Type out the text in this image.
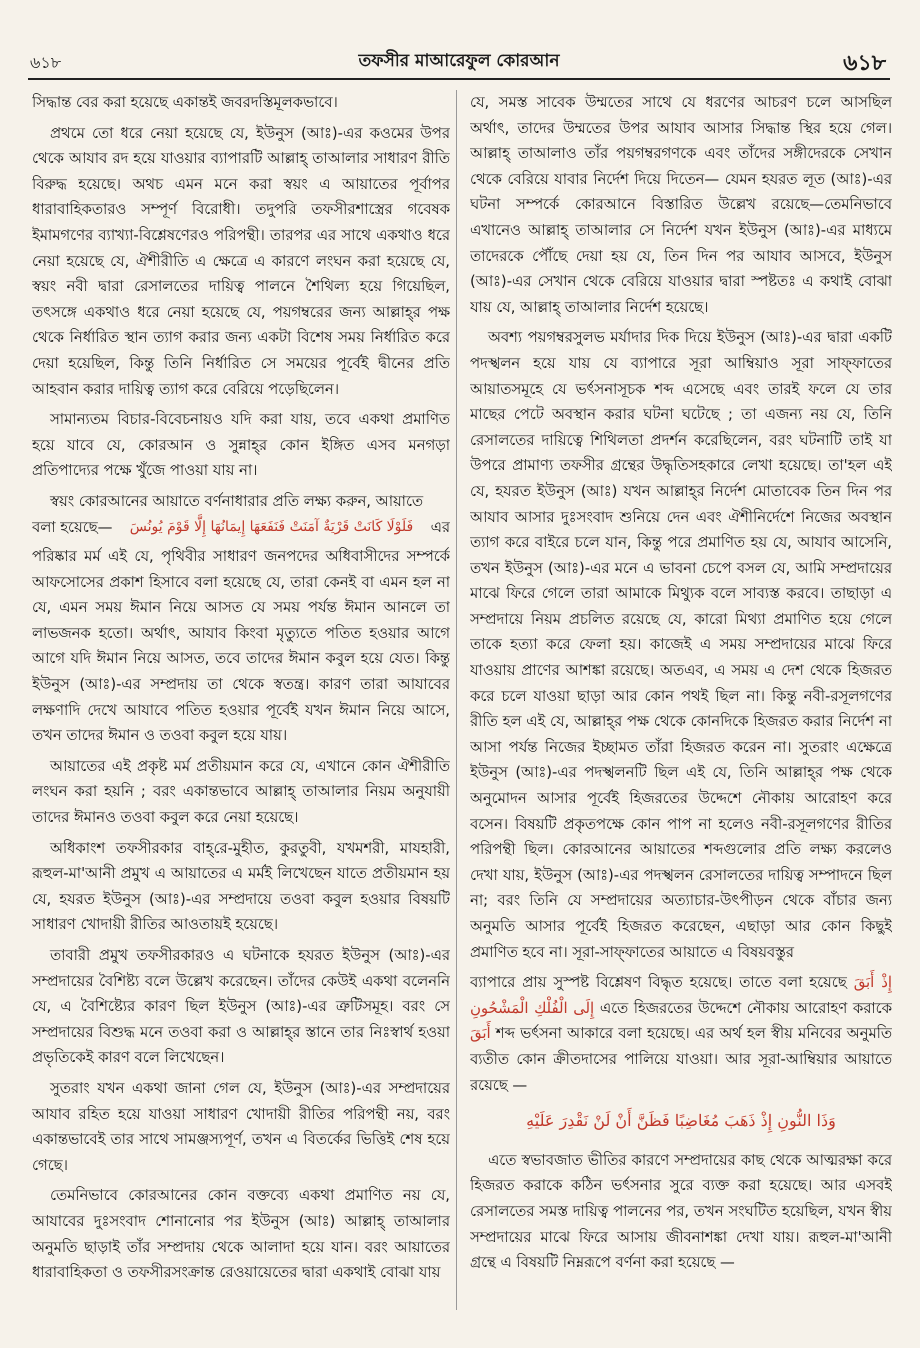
৬১৮	তফসীর মাআরেফুল কোরআন	৬১৮

সিদ্ধান্ত বের করা হয়েছে একান্তই জবরদস্তিমূলকভাবে।

প্রথমে তো ধরে নেয়া হয়েছে যে, ইউনুস (আঃ)-এর কওমের উপর থেকে আযাব রদ হয়ে যাওয়ার ব্যাপারটি আল্লাহ্ তাআলার সাধারণ রীতি বিরুদ্ধ হয়েছে। অথচ এমন মনে করা স্বয়ং এ আয়াতের পূর্বাপর ধারাবাহিকতারও সম্পূর্ণ বিরোধী। তদুপরি তফসীরশাস্ত্রের গবেষক ইমামগণের ব্যাখ্যা-বিশ্লেষণেরও পরিপন্থী। তারপর এর সাথে একথাও ধরে নেয়া হয়েছে যে, ঐশীরীতি এ ক্ষেত্রে এ কারণে লংঘন করা হয়েছে যে, স্বয়ং নবী দ্বারা রেসালতের দায়িত্ব পালনে শৈথিল্য হয়ে গিয়েছিল, তৎসঙ্গে একথাও ধরে নেয়া হয়েছে যে, পয়গম্বরের জন্য আল্লাহ্‌র পক্ষ থেকে নির্ধারিত স্থান ত্যাগ করার জন্য একটা বিশেষ সময় নির্ধারিত করে দেয়া হয়েছিল, কিন্তু তিনি নির্ধারিত সে সময়ের পূর্বেই দ্বীনের প্রতি আহবান করার দায়িত্ব ত্যাগ করে বেরিয়ে পড়েছিলেন।

সামান্যতম বিচার-বিবেচনায়ও যদি করা যায়, তবে একথা প্রমাণিত হয়ে যাবে যে, কোরআন ও সুন্নাহ্‌র কোন ইঙ্গিত এসব মনগড়া প্রতিপাদ্যের পক্ষে খুঁজে পাওয়া যায় না।

স্বয়ং কোরআনের আয়াতে বর্ণনাধারার প্রতি লক্ষ্য করুন, আয়াতে

বলা হয়েছে— فَلَوْلَا كَانَتْ قَرْيَةٌ آمَنَتْ فَنَفَعَهَا إِيمَانُهَا إِلَّا قَوْمَ يُونُسَ এর

পরিষ্কার মর্ম এই যে, পৃথিবীর সাধারণ জনপদের অধিবাসীদের সম্পর্কে আফসোসের প্রকাশ হিসাবে বলা হয়েছে যে, তারা কেনই বা এমন হল না যে, এমন সময় ঈমান নিয়ে আসত যে সময় পর্যন্ত ঈমান আনলে তা লাভজনক হতো। অর্থাৎ, আযাব কিংবা মৃত্যুতে পতিত হওয়ার আগে আগে যদি ঈমান নিয়ে আসত, তবে তাদের ঈমান কবুল হয়ে যেত। কিন্তু ইউনুস (আঃ)-এর সম্প্রদায় তা থেকে স্বতন্ত্র। কারণ তারা আযাবের লক্ষণাদি দেখে আযাবে পতিত হওয়ার পূর্বেই যখন ঈমান নিয়ে আসে, তখন তাদের ঈমান ও তওবা কবুল হয়ে যায়।

আয়াতের এই প্রকৃষ্ট মর্ম প্রতীয়মান করে যে, এখানে কোন ঐশীরীতি লংঘন করা হয়নি ; বরং একান্তভাবে আল্লাহ্ তাআলার নিয়ম অনুযায়ী তাদের ঈমানও তওবা কবুল করে নেয়া হয়েছে।

অধিকাংশ তফসীরকার বাহ্‌রে-মুহীত, কুরতুবী, যখমশরী, মাযহারী, রূহুল-মা'আনী প্রমুখ এ আয়াতের এ মর্মই লিখেছেন যাতে প্রতীয়মান হয় যে, হযরত ইউনুস (আঃ)-এর সম্প্রদায়ে তওবা কবুল হওয়ার বিষয়টি সাধারণ খোদায়ী রীতির আওতায়ই হয়েছে।

তাবারী প্রমুখ তফসীরকারও এ ঘটনাকে হযরত ইউনুস (আঃ)-এর সম্প্রদায়ের বৈশিষ্ট্য বলে উল্লেখ করেছেন। তাঁদের কেউই একথা বলেননি যে, এ বৈশিষ্ট্যের কারণ ছিল ইউনুস (আঃ)-এর ত্রুটিসমূহ। বরং সে সম্প্রদায়ের বিশুদ্ধ মনে তওবা করা ও আল্লাহ্‌র স্তানে তার নিঃস্বার্থ হওয়া প্রভৃতিকেই কারণ বলে লিখেছেন।

সুতরাং যখন একথা জানা গেল যে, ইউনুস (আঃ)-এর সম্প্রদায়ের আযাব রহিত হয়ে যাওয়া সাধারণ খোদায়ী রীতির পরিপন্থী নয়, বরং একান্তভাবেই তার সাথে সামঞ্জস্যপূর্ণ, তখন এ বিতর্কের ভিত্তিই শেষ হয়ে গেছে।

তেমনিভাবে কোরআনের কোন বক্তব্যে একথা প্রমাণিত নয় যে, আযাবের দুঃসংবাদ শোনানোর পর ইউনুস (আঃ) আল্লাহ্ তাআলার অনুমতি ছাড়াই তাঁর সম্প্রদায় থেকে আলাদা হয়ে যান। বরং আয়াতের ধারাবাহিকতা ও তফসীরসংক্রান্ত রেওয়ায়েতের দ্বারা একথাই বোঝা যায়

যে, সমস্ত সাবেক উম্মতের সাথে যে ধরণের আচরণ চলে আসছিল অর্থাৎ, তাদের উম্মতের উপর আযাব আসার সিদ্ধান্ত স্থির হয়ে গেল। আল্লাহ্ তাআলাও তাঁর পয়গম্বরগণকে এবং তাঁদের সঙ্গীদেরকে সেখান থেকে বেরিয়ে যাবার নির্দেশ দিয়ে দিতেন— যেমন হযরত লূত (আঃ)-এর ঘটনা সম্পর্কে কোরআনে বিস্তারিত উল্লেখ রয়েছে—তেমনিভাবে এখানেও আল্লাহ্ তাআলার সে নির্দেশ যখন ইউনুস (আঃ)-এর মাধ্যমে তাদেরকে পৌঁছে দেয়া হয় যে, তিন দিন পর আযাব আসবে, ইউনুস (আঃ)-এর সেখান থেকে বেরিয়ে যাওয়ার দ্বারা স্পষ্টতঃ এ কথাই বোঝা যায় যে, আল্লাহ্ তাআলার নির্দেশ হয়েছে।

অবশ্য পয়গম্বরসুলভ মর্যাদার দিক দিয়ে ইউনুস (আঃ)-এর দ্বারা একটি পদস্খলন হয়ে যায় যে ব্যাপারে সূরা আম্বিয়াও সূরা সাফ্‌ফাতের আয়াতসমূহে যে ভর্ৎসনাসূচক শব্দ এসেছে এবং তারই ফলে যে তার মাছের পেটে অবস্থান করার ঘটনা ঘটেছে ; তা এজন্য নয় যে, তিনি রেসালতের দায়িত্বে শিথিলতা প্রদর্শন করেছিলেন, বরং ঘটনাটি তাই যা উপরে প্রামাণ্য তফসীর গ্রন্থের উদ্ধৃতিসহকারে লেখা হয়েছে। তা'হল এই যে, হযরত ইউনুস (আঃ) যখন আল্লাহ্‌র নির্দেশ মোতাবেক তিন দিন পর আযাব আসার দুঃসংবাদ শুনিয়ে দেন এবং ঐশীনির্দেশে নিজের অবস্থান ত্যাগ করে বাইরে চলে যান, কিন্তু পরে প্রমাণিত হয় যে, আযাব আসেনি, তখন ইউনুস (আঃ)-এর মনে এ ভাবনা চেপে বসল যে, আমি সম্প্রদায়ের মাঝে ফিরে গেলে তারা আমাকে মিথ্যুক বলে সাব্যস্ত করবে। তাছাড়া এ সম্প্রদায়ে নিয়ম প্রচলিত রয়েছে যে, কারো মিথ্যা প্রমাণিত হয়ে গেলে তাকে হত্যা করে ফেলা হয়। কাজেই এ সময় সম্প্রদায়ের মাঝে ফিরে যাওয়ায় প্রাণের আশঙ্কা রয়েছে। অতএব, এ সময় এ দেশ থেকে হিজরত করে চলে যাওয়া ছাড়া আর কোন পথই ছিল না। কিন্তু নবী-রসূলগণের রীতি হল এই যে, আল্লাহ্‌র পক্ষ থেকে কোনদিকে হিজরত করার নির্দেশ না আসা পর্যন্ত নিজের ইচ্ছামত তাঁরা হিজরত করেন না। সুতরাং এক্ষেত্রে ইউনুস (আঃ)-এর পদস্খলনটি ছিল এই যে, তিনি আল্লাহ্‌র পক্ষ থেকে অনুমোদন আসার পূর্বেই হিজরতের উদ্দেশে নৌকায় আরোহণ করে বসেন। বিষয়টি প্রকৃতপক্ষে কোন পাপ না হলেও নবী-রসূলগণের রীতির পরিপন্থী ছিল। কোরআনের আয়াতের শব্দগুলোর প্রতি লক্ষ্য করলেও দেখা যায়, ইউনুস (আঃ)-এর পদস্খলন রেসালতের দায়িত্ব সম্পাদনে ছিল না; বরং তিনি যে সম্প্রদায়ের অত্যাচার-উৎপীড়ন থেকে বাঁচার জন্য অনুমতি আসার পূর্বেই হিজরত করেছেন, এছাড়া আর কোন কিছুই প্রমাণিত হবে না। সূরা-সাফ্‌ফাতের আয়াতে এ বিষয়বস্তুর

ব্যাপারে প্রায় সুস্পষ্ট বিশ্লেষণ বিদ্ধৃত হয়েছে। তাতে বলা হয়েছে إِذْ أَبَقَ إِلَى الْفُلْكِ الْمَشْحُونِ এতে হিজরতের উদ্দেশে নৌকায় আরোহণ করাকে أَبَقَ শব্দ ভর্ৎসনা আকারে বলা হয়েছে। এর অর্থ হল স্বীয় মনিবের অনুমতি ব্যতীত কোন ক্রীতদাসের পালিয়ে যাওয়া। আর সূরা-আম্বিয়ার আয়াতে রয়েছে —

وَذَا النُّونِ إِذْ ذَهَبَ مُغَاضِبًا فَظَنَّ أَنْ لَنْ نَقْدِرَ عَلَيْهِ

এতে স্বভাবজাত ভীতির কারণে সম্প্রদায়ের কাছ থেকে আত্মরক্ষা করে হিজরত করাকে কঠিন ভর্ৎসনার সুরে ব্যক্ত করা হয়েছে। আর এসবই রেসালতের সমস্ত দায়িত্ব পালনের পর, তখন সংঘটিত হয়েছিল, যখন স্বীয় সম্প্রদায়ের মাঝে ফিরে আসায় জীবনাশঙ্কা দেখা যায়। রূহুল-মা'আনী গ্রন্থে এ বিষয়টি নিম্নরূপে বর্ণনা করা হয়েছে —
